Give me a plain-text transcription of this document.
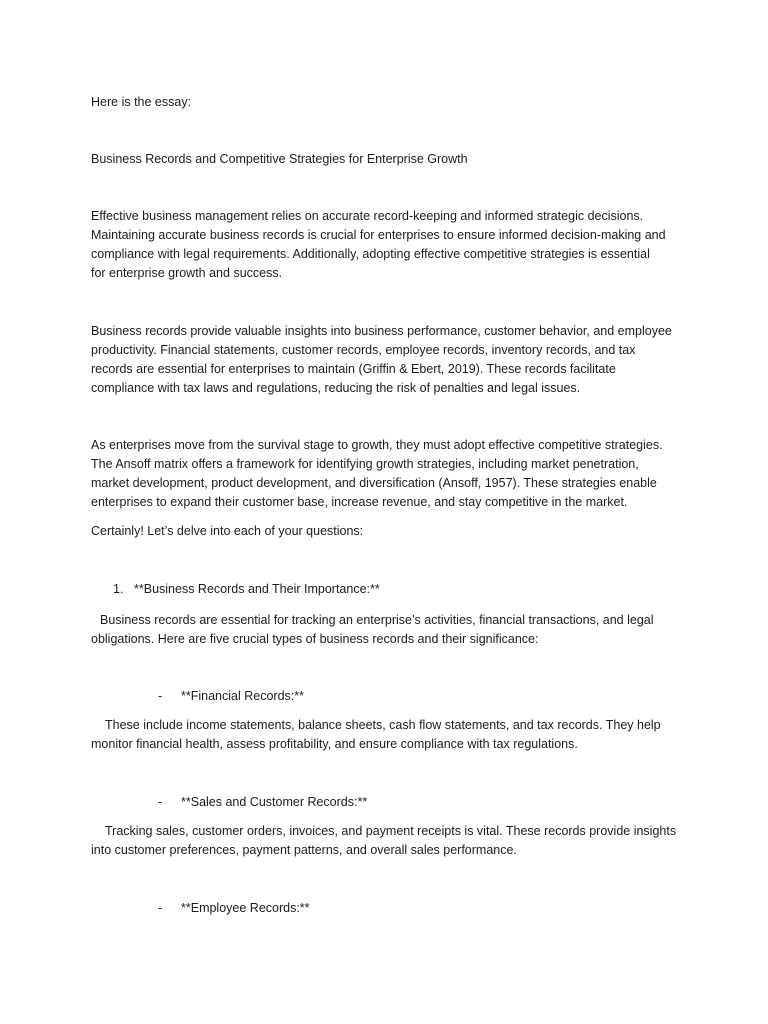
Here is the essay:

Business Records and Competitive Strategies for Enterprise Growth

Effective business management relies on accurate record-keeping and informed strategic decisions.
Maintaining accurate business records is crucial for enterprises to ensure informed decision-making and
compliance with legal requirements. Additionally, adopting effective competitive strategies is essential
for enterprise growth and success.
Business records provide valuable insights into business performance, customer behavior, and employee
productivity. Financial statements, customer records, employee records, inventory records, and tax
records are essential for enterprises to maintain (Griffin & Ebert, 2019). These records facilitate
compliance with tax laws and regulations, reducing the risk of penalties and legal issues.
As enterprises move from the survival stage to growth, they must adopt effective competitive strategies.
The Ansoff matrix offers a framework for identifying growth strategies, including market penetration,
market development, product development, and diversification (Ansoff, 1957). These strategies enable
enterprises to expand their customer base, increase revenue, and stay competitive in the market.

Certainly! Let’s delve into each of your questions:

1. **Business Records and Their Importance:**

Business records are essential for tracking an enterprise’s activities, financial transactions, and legal
obligations. Here are five crucial types of business records and their significance:

- **Financial Records:**

These include income statements, balance sheets, cash flow statements, and tax records. They help
monitor financial health, assess profitability, and ensure compliance with tax regulations.

- **Sales and Customer Records:**

Tracking sales, customer orders, invoices, and payment receipts is vital. These records provide insights
into customer preferences, payment patterns, and overall sales performance.

- **Employee Records:**
